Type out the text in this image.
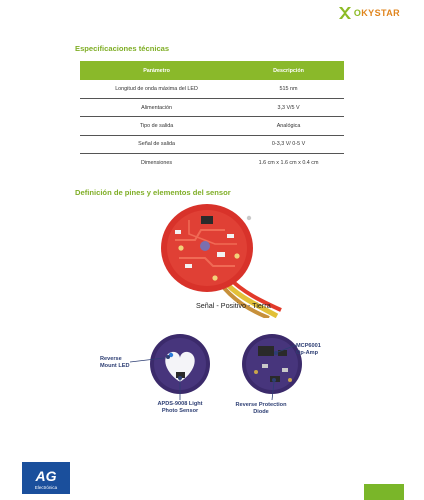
OKYSTAR
Especificaciones técnicas
Parámetro	Descripción
Longitud de onda máxima del LED	515 nm
Alimentación	3,3 V/5 V
Tipo de salida	Analógica
Señal de salida	0-3,3 V/ 0-5 V
Dimensiones	1.6 cm x 1.6 cm x 0.4 cm
Definición de pines y elementos del sensor
Señal - Positivo - Tierra
Reverse
Mount LED
APDS-9008 Light
Photo Sensor
MCP6001
Op-Amp
Reverse Protection
Diode
AG
Electrónica
